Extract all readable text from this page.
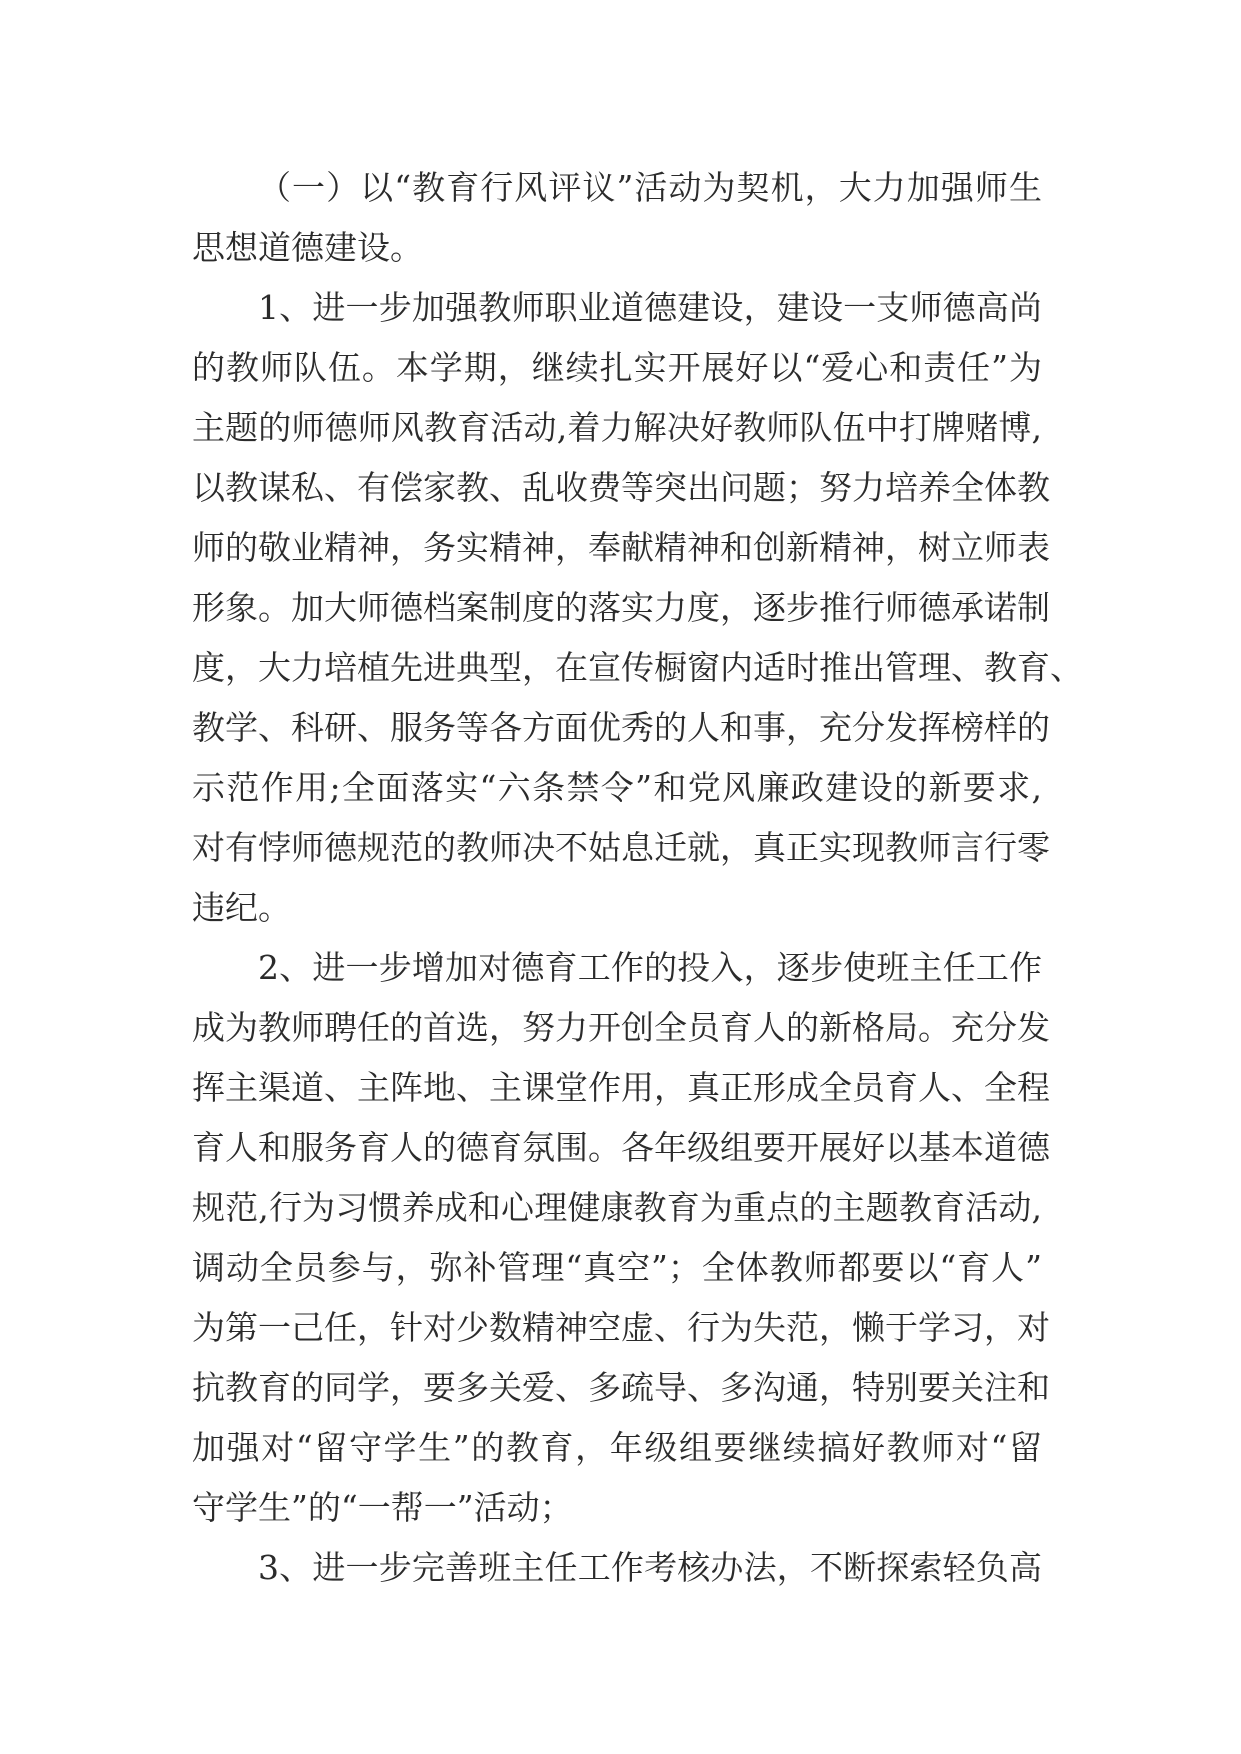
（一）以“教育行风评议”活动为契机，大力加强师生
思想道德建设。
1、进一步加强教师职业道德建设，建设一支师德高尚
的教师队伍。本学期，继续扎实开展好以“爱心和责任”为
主题的师德师风教育活动,着力解决好教师队伍中打牌赌博,
以教谋私、有偿家教、乱收费等突出问题；努力培养全体教
师的敬业精神，务实精神，奉献精神和创新精神，树立师表
形象。加大师德档案制度的落实力度，逐步推行师德承诺制
度，大力培植先进典型，在宣传橱窗内适时推出管理、教育、
教学、科研、服务等各方面优秀的人和事，充分发挥榜样的
示范作用;全面落实“六条禁令”和党风廉政建设的新要求,
对有悖师德规范的教师决不姑息迁就，真正实现教师言行零
违纪。
2、进一步增加对德育工作的投入，逐步使班主任工作
成为教师聘任的首选，努力开创全员育人的新格局。充分发
挥主渠道、主阵地、主课堂作用，真正形成全员育人、全程
育人和服务育人的德育氛围。各年级组要开展好以基本道德
规范,行为习惯养成和心理健康教育为重点的主题教育活动,
调动全员参与，弥补管理“真空”；全体教师都要以“育人”
为第一己任，针对少数精神空虚、行为失范，懒于学习，对
抗教育的同学，要多关爱、多疏导、多沟通，特别要关注和
加强对“留守学生”的教育，年级组要继续搞好教师对“留
守学生”的“一帮一”活动；
3、进一步完善班主任工作考核办法，不断探索轻负高
